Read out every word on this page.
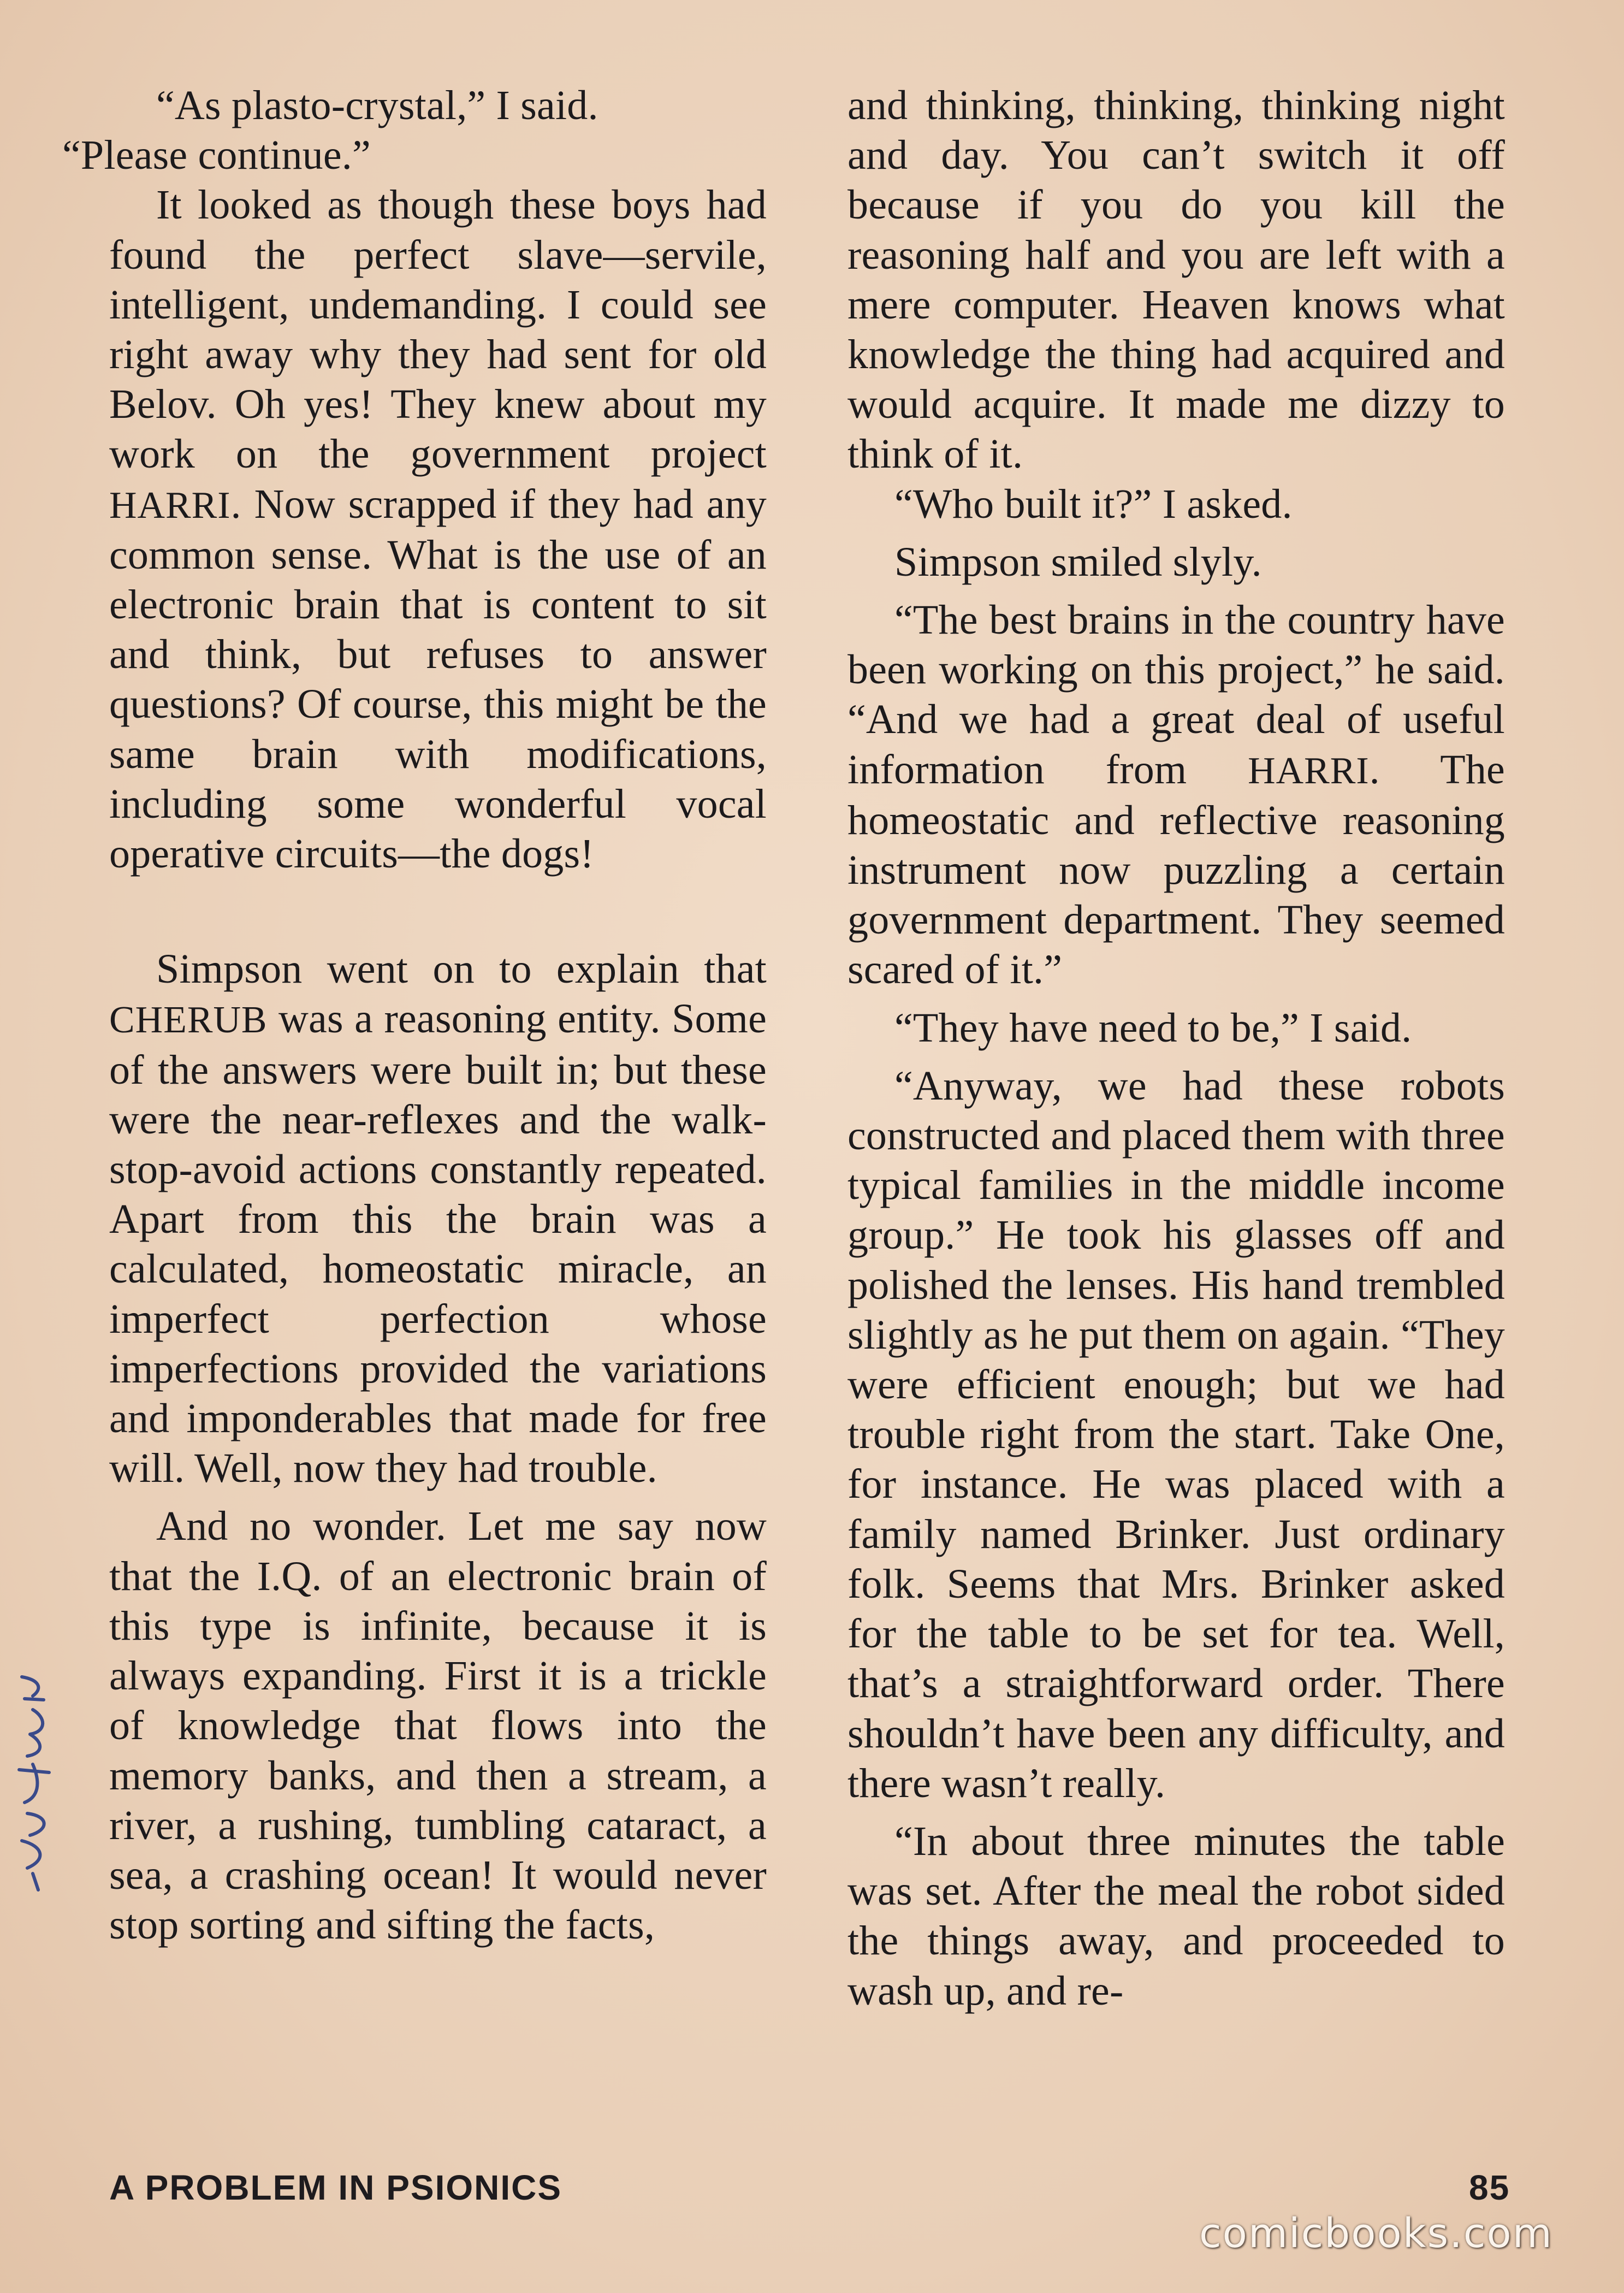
“As plasto-crystal,” I said.
“Please continue.”

It looked as though these boys had found the perfect slave—servile, intelligent, undemanding. I could see right away why they had sent for old Belov. Oh yes! They knew about my work on the government project HARRI. Now scrapped if they had any common sense. What is the use of an electronic brain that is content to sit and think, but refuses to answer questions? Of course, this might be the same brain with modifications, including some wonderful vocal operative circuits—the dogs!

Simpson went on to explain that CHERUB was a reasoning entity. Some of the answers were built in; but these were the near-reflexes and the walk-stop-avoid actions constantly repeated. Apart from this the brain was a calculated, homeostatic miracle, an imperfect perfection whose imperfections provided the variations and imponderables that made for free will. Well, now they had trouble.

And no wonder. Let me say now that the I.Q. of an electronic brain of this type is infinite, because it is always expanding. First it is a trickle of knowledge that flows into the memory banks, and then a stream, a river, a rushing, tumbling cataract, a sea, a crashing ocean! It would never stop sorting and sifting the facts,

and thinking, thinking, thinking night and day. You can’t switch it off because if you do you kill the reasoning half and you are left with a mere computer. Heaven knows what knowledge the thing had acquired and would acquire. It made me dizzy to think of it.

“Who built it?” I asked.

Simpson smiled slyly.

“The best brains in the country have been working on this project,” he said. “And we had a great deal of useful information from HARRI. The homeostatic and reflective reasoning instrument now puzzling a certain government department. They seemed scared of it.”

“They have need to be,” I said.

“Anyway, we had these robots constructed and placed them with three typical families in the middle income group.” He took his glasses off and polished the lenses. His hand trembled slightly as he put them on again. “They were efficient enough; but we had trouble right from the start. Take One, for instance. He was placed with a family named Brinker. Just ordinary folk. Seems that Mrs. Brinker asked for the table to be set for tea. Well, that’s a straightforward order. There shouldn’t have been any difficulty, and there wasn’t really.

“In about three minutes the table was set. After the meal the robot sided the things away, and proceeded to wash up, and re-

A PROBLEM IN PSIONICS	85
comicbooks.com
